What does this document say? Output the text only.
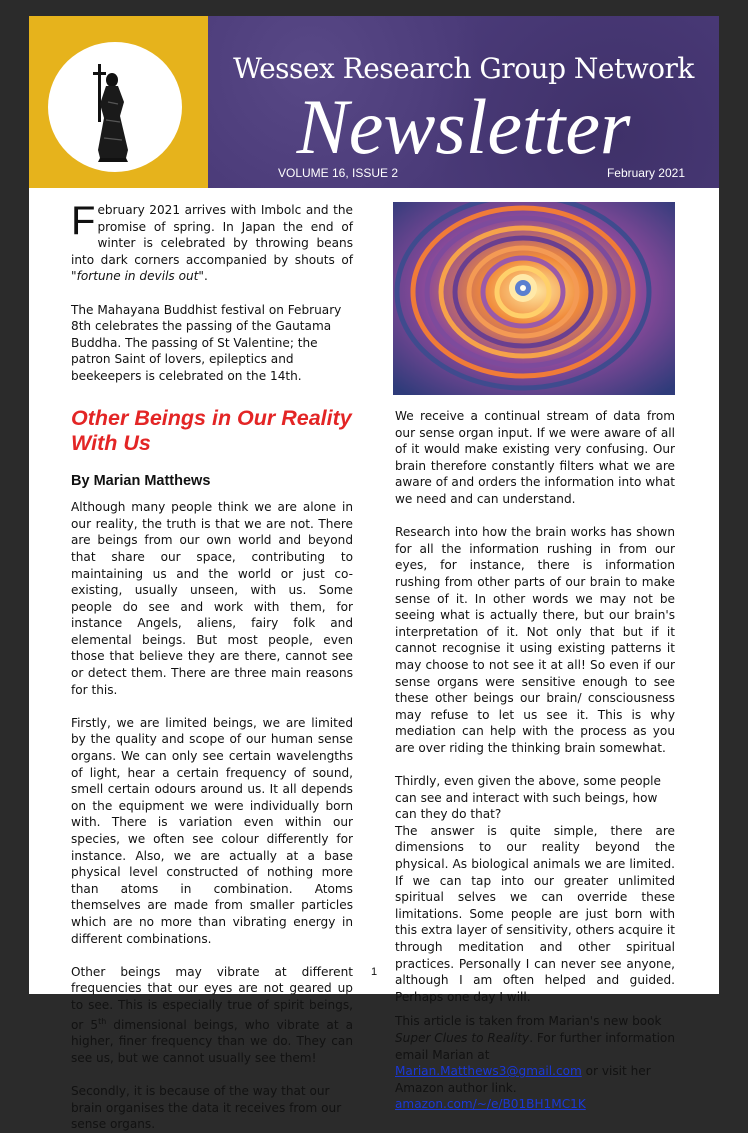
Wessex Research Group Network
Newsletter
VOLUME 16, ISSUE 2	February 2021

February 2021 arrives with Imbolc and the promise of spring. In Japan the end of winter is celebrated by throwing beans into dark corners accompanied by shouts of "fortune in devils out".

The Mahayana Buddhist festival on February 8th celebrates the passing of the Gautama Buddha. The passing of St Valentine; the patron Saint of lovers, epileptics and beekeepers is celebrated on the 14th.

Other Beings in Our Reality With Us

By Marian Matthews

Although many people think we are alone in our reality, the truth is that we are not. There are beings from our own world and beyond that share our space, contributing to maintaining us and the world or just co-existing, usually unseen, with us. Some people do see and work with them, for instance Angels, aliens, fairy folk and elemental beings. But most people, even those that believe they are there, cannot see or detect them. There are three main reasons for this.

Firstly, we are limited beings, we are limited by the quality and scope of our human sense organs. We can only see certain wavelengths of light, hear a certain frequency of sound, smell certain odours around us. It all depends on the equipment we were individually born with. There is variation even within our species, we often see colour differently for instance. Also, we are actually at a base physical level constructed of nothing more than atoms in combination. Atoms themselves are made from smaller particles which are no more than vibrating energy in different combinations.

Other beings may vibrate at different frequencies that our eyes are not geared up to see. This is especially true of spirit beings, or 5th dimensional beings, who vibrate at a higher, finer frequency than we do. They can see us, but we cannot usually see them!

Secondly, it is because of the way that our brain organises the data it receives from our sense organs.

We receive a continual stream of data from our sense organ input. If we were aware of all of it would make existing very confusing. Our brain therefore constantly filters what we are aware of and orders the information into what we need and can understand.

Research into how the brain works has shown for all the information rushing in from our eyes, for instance, there is information rushing from other parts of our brain to make sense of it. In other words we may not be seeing what is actually there, but our brain's interpretation of it. Not only that but if it cannot recognise it using existing patterns it may choose to not see it at all! So even if our sense organs were sensitive enough to see these other beings our brain/ consciousness may refuse to let us see it. This is why mediation can help with the process as you are over riding the thinking brain somewhat.

Thirdly, even given the above, some people can see and interact with such beings, how can they do that?

The answer is quite simple, there are dimensions to our reality beyond the physical. As biological animals we are limited. If we can tap into our greater unlimited spiritual selves we can override these limitations. Some people are just born with this extra layer of sensitivity, others acquire it through meditation and other spiritual practices. Personally I can never see anyone, although I am often helped and guided. Perhaps one day I will.

This article is taken from Marian's new book Super Clues to Reality. For further information email Marian at Marian.Matthews3@gmail.com or visit her Amazon author link. amazon.com/~/e/B01BH1MC1K

1
